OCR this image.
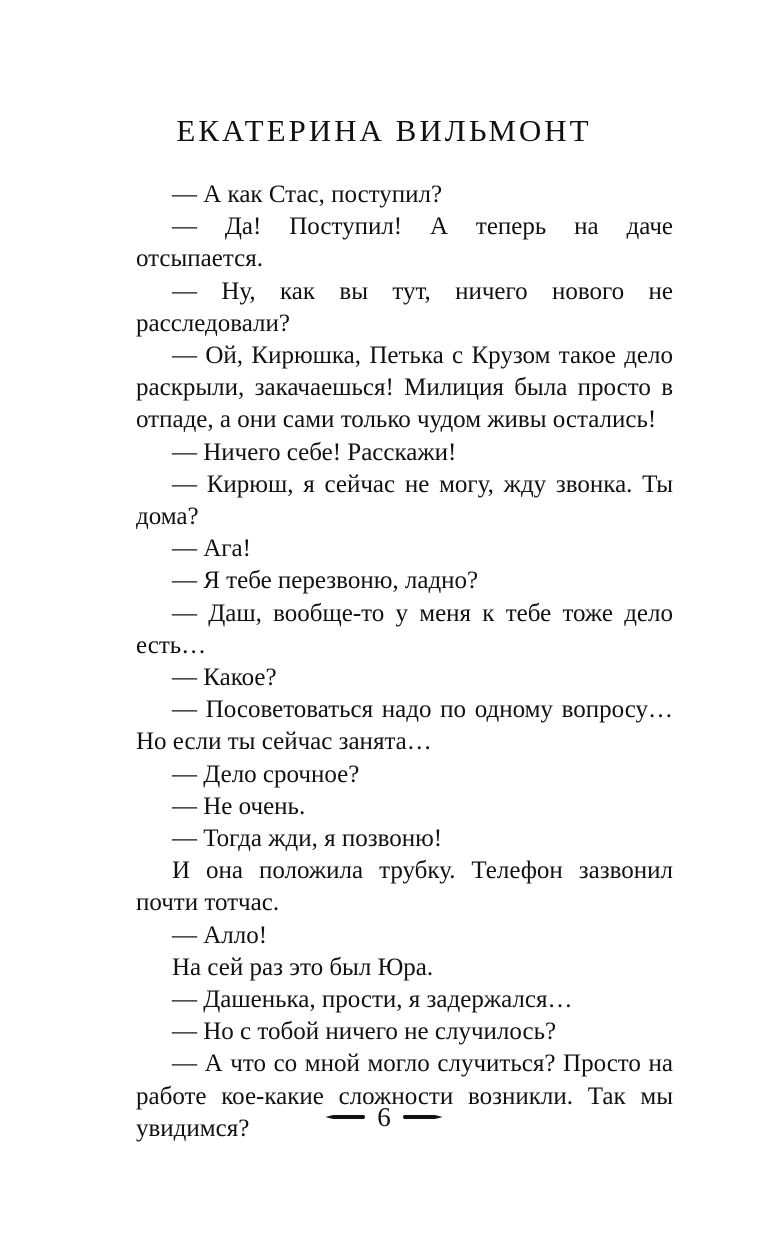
ЕКАТЕРИНА ВИЛЬМОНТ

— А как Стас, поступил?

— Да! Поступил! А теперь на даче отсыпается.

— Ну, как вы тут, ничего нового не расследовали?

— Ой, Кирюшка, Петька с Крузом такое дело раскрыли, закачаешься! Милиция была просто в отпаде, а они сами только чудом живы остались!

— Ничего себе! Расскажи!

— Кирюш, я сейчас не могу, жду звонка. Ты дома?

— Ага!

— Я тебе перезвоню, ладно?

— Даш, вообще-то у меня к тебе тоже дело есть…

— Какое?

— Посоветоваться надо по одному вопросу… Но если ты сейчас занята…

— Дело срочное?

— Не очень.

— Тогда жди, я позвоню!

И она положила трубку. Телефон зазвонил почти тотчас.

— Алло!

На сей раз это был Юра.

— Дашенька, прости, я задержался…

— Но с тобой ничего не случилось?

— А что со мной могло случиться? Просто на работе кое-какие сложности возникли. Так мы увидимся?	6
